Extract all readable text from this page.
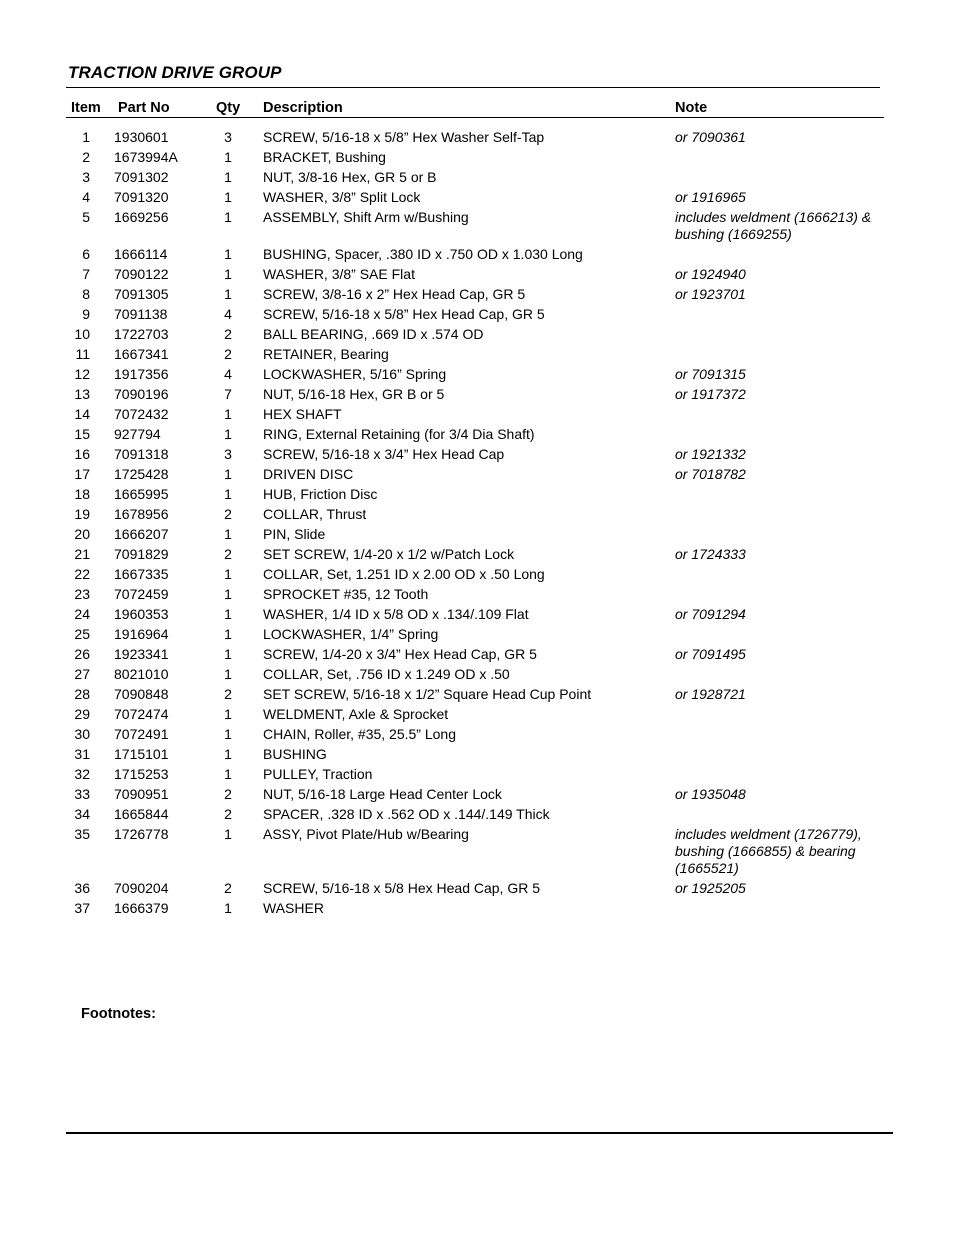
TRACTION DRIVE GROUP
Item Part No	Qty Description	Note
1 1930601	3	SCREW, 5/16-18 x 5/8” Hex Washer Self-Tap	or 7090361
2 1673994A	1	BRACKET, Bushing
3 7091302	1	NUT, 3/8-16 Hex, GR 5 or B
4 7091320	1	WASHER, 3/8” Split Lock	or 1916965
5 1669256	1	ASSEMBLY, Shift Arm w/Bushing	includes weldment (1666213) & bushing (1669255)
6 1666114	1	BUSHING, Spacer, .380 ID x .750 OD x 1.030 Long
7 7090122	1	WASHER, 3/8” SAE Flat	or 1924940
8 7091305	1	SCREW, 3/8-16 x 2” Hex Head Cap, GR 5	or 1923701
9 7091138	4	SCREW, 5/16-18 x 5/8” Hex Head Cap, GR 5
10 1722703	2	BALL BEARING, .669 ID x .574 OD
11 1667341	2	RETAINER, Bearing
12 1917356	4	LOCKWASHER, 5/16” Spring	or 7091315
13 7090196	7	NUT, 5/16-18 Hex, GR B or 5	or 1917372
14 7072432	1	HEX SHAFT
15 927794	1	RING, External Retaining (for 3/4 Dia Shaft)
16 7091318	3	SCREW, 5/16-18 x 3/4” Hex Head Cap	or 1921332
17 1725428	1	DRIVEN DISC	or 7018782
18 1665995	1	HUB, Friction Disc
19 1678956	2	COLLAR, Thrust
20 1666207	1	PIN, Slide
21 7091829	2	SET SCREW, 1/4-20 x 1/2 w/Patch Lock	or 1724333
22 1667335	1	COLLAR, Set, 1.251 ID x 2.00 OD x .50 Long
23 7072459	1	SPROCKET #35, 12 Tooth
24 1960353	1	WASHER, 1/4 ID x 5/8 OD x .134/.109 Flat	or 7091294
25 1916964	1	LOCKWASHER, 1/4” Spring
26 1923341	1	SCREW, 1/4-20 x 3/4” Hex Head Cap, GR 5	or 7091495
27 8021010	1	COLLAR, Set, .756 ID x 1.249 OD x .50
28 7090848	2	SET SCREW, 5/16-18 x 1/2” Square Head Cup Point	or 1928721
29 7072474	1	WELDMENT, Axle & Sprocket
30 7072491	1	CHAIN, Roller, #35, 25.5” Long
31 1715101	1	BUSHING
32 1715253	1	PULLEY, Traction
33 7090951	2	NUT, 5/16-18 Large Head Center Lock	or 1935048
34 1665844	2	SPACER, .328 ID x .562 OD x .144/.149 Thick
35 1726778	1	ASSY, Pivot Plate/Hub w/Bearing	includes weldment (1726779), bushing (1666855) & bearing (1665521)
36 7090204	2	SCREW, 5/16-18 x 5/8 Hex Head Cap, GR 5	or 1925205
37 1666379	1	WASHER
Footnotes:
